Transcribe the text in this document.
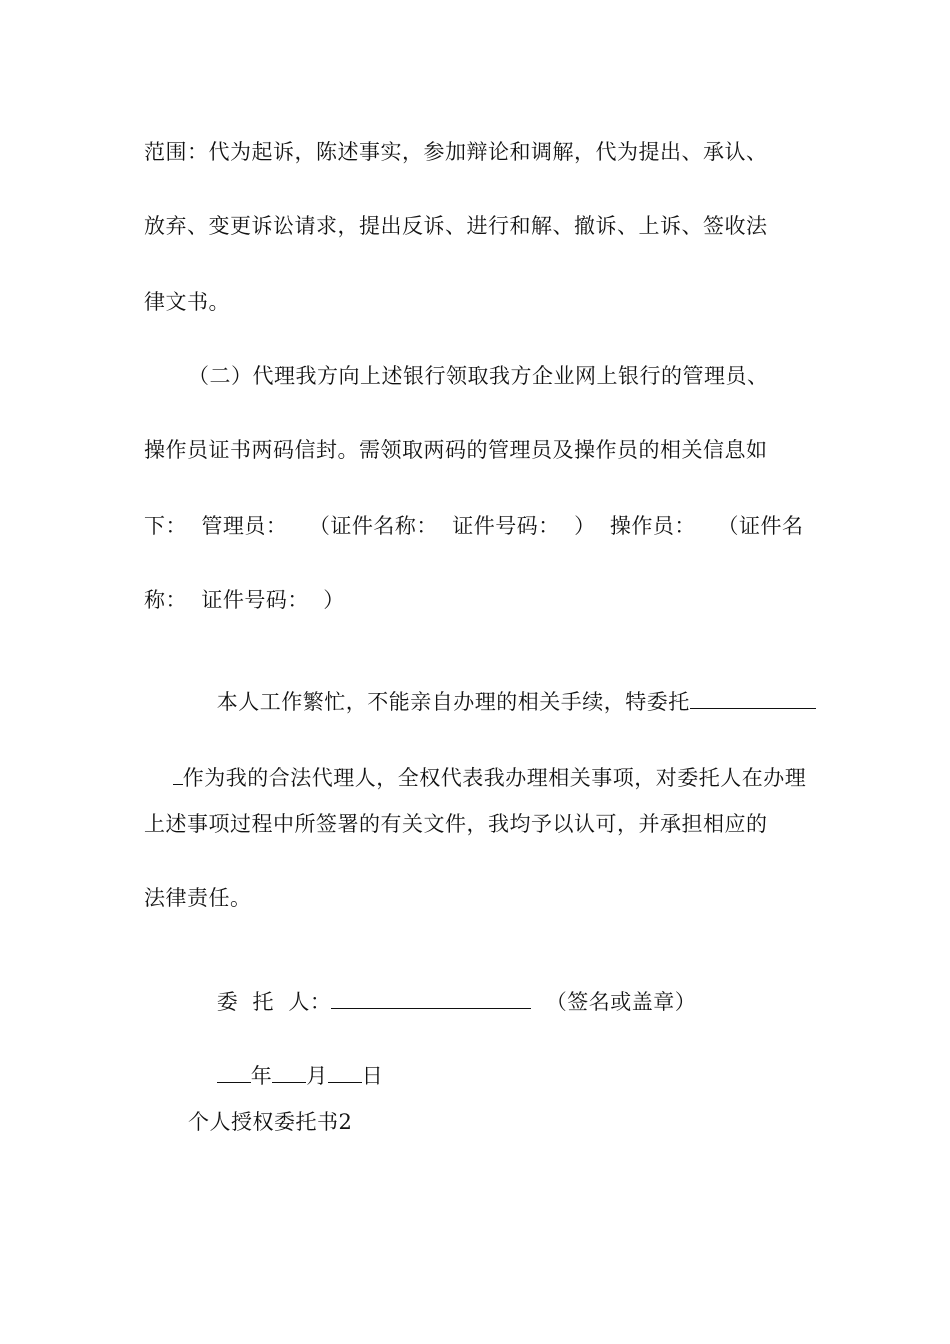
范围：代为起诉，陈述事实，参加辩论和调解，代为提出、承认、
放弃、变更诉讼请求，提出反诉、进行和解、撤诉、上诉、签收法
律文书。
（二）代理我方向上述银行领取我方企业网上银行的管理员、
操作员证书两码信封。需领取两码的管理员及操作员的相关信息如
下：  管理员：   （证件名称：  证件号码：  ）  操作员：   （证件名
称：  证件号码：  ）

本人工作繁忙，不能亲自办理的相关手续，特委托

作为我的合法代理人，全权代表我办理相关事项，对委托人在办理

上述事项过程中所签署的有关文件，我均予以认可，并承担相应的
法律责任。

委  托  人：	（签名或盖章）

年 月 日

个人授权委托书2
